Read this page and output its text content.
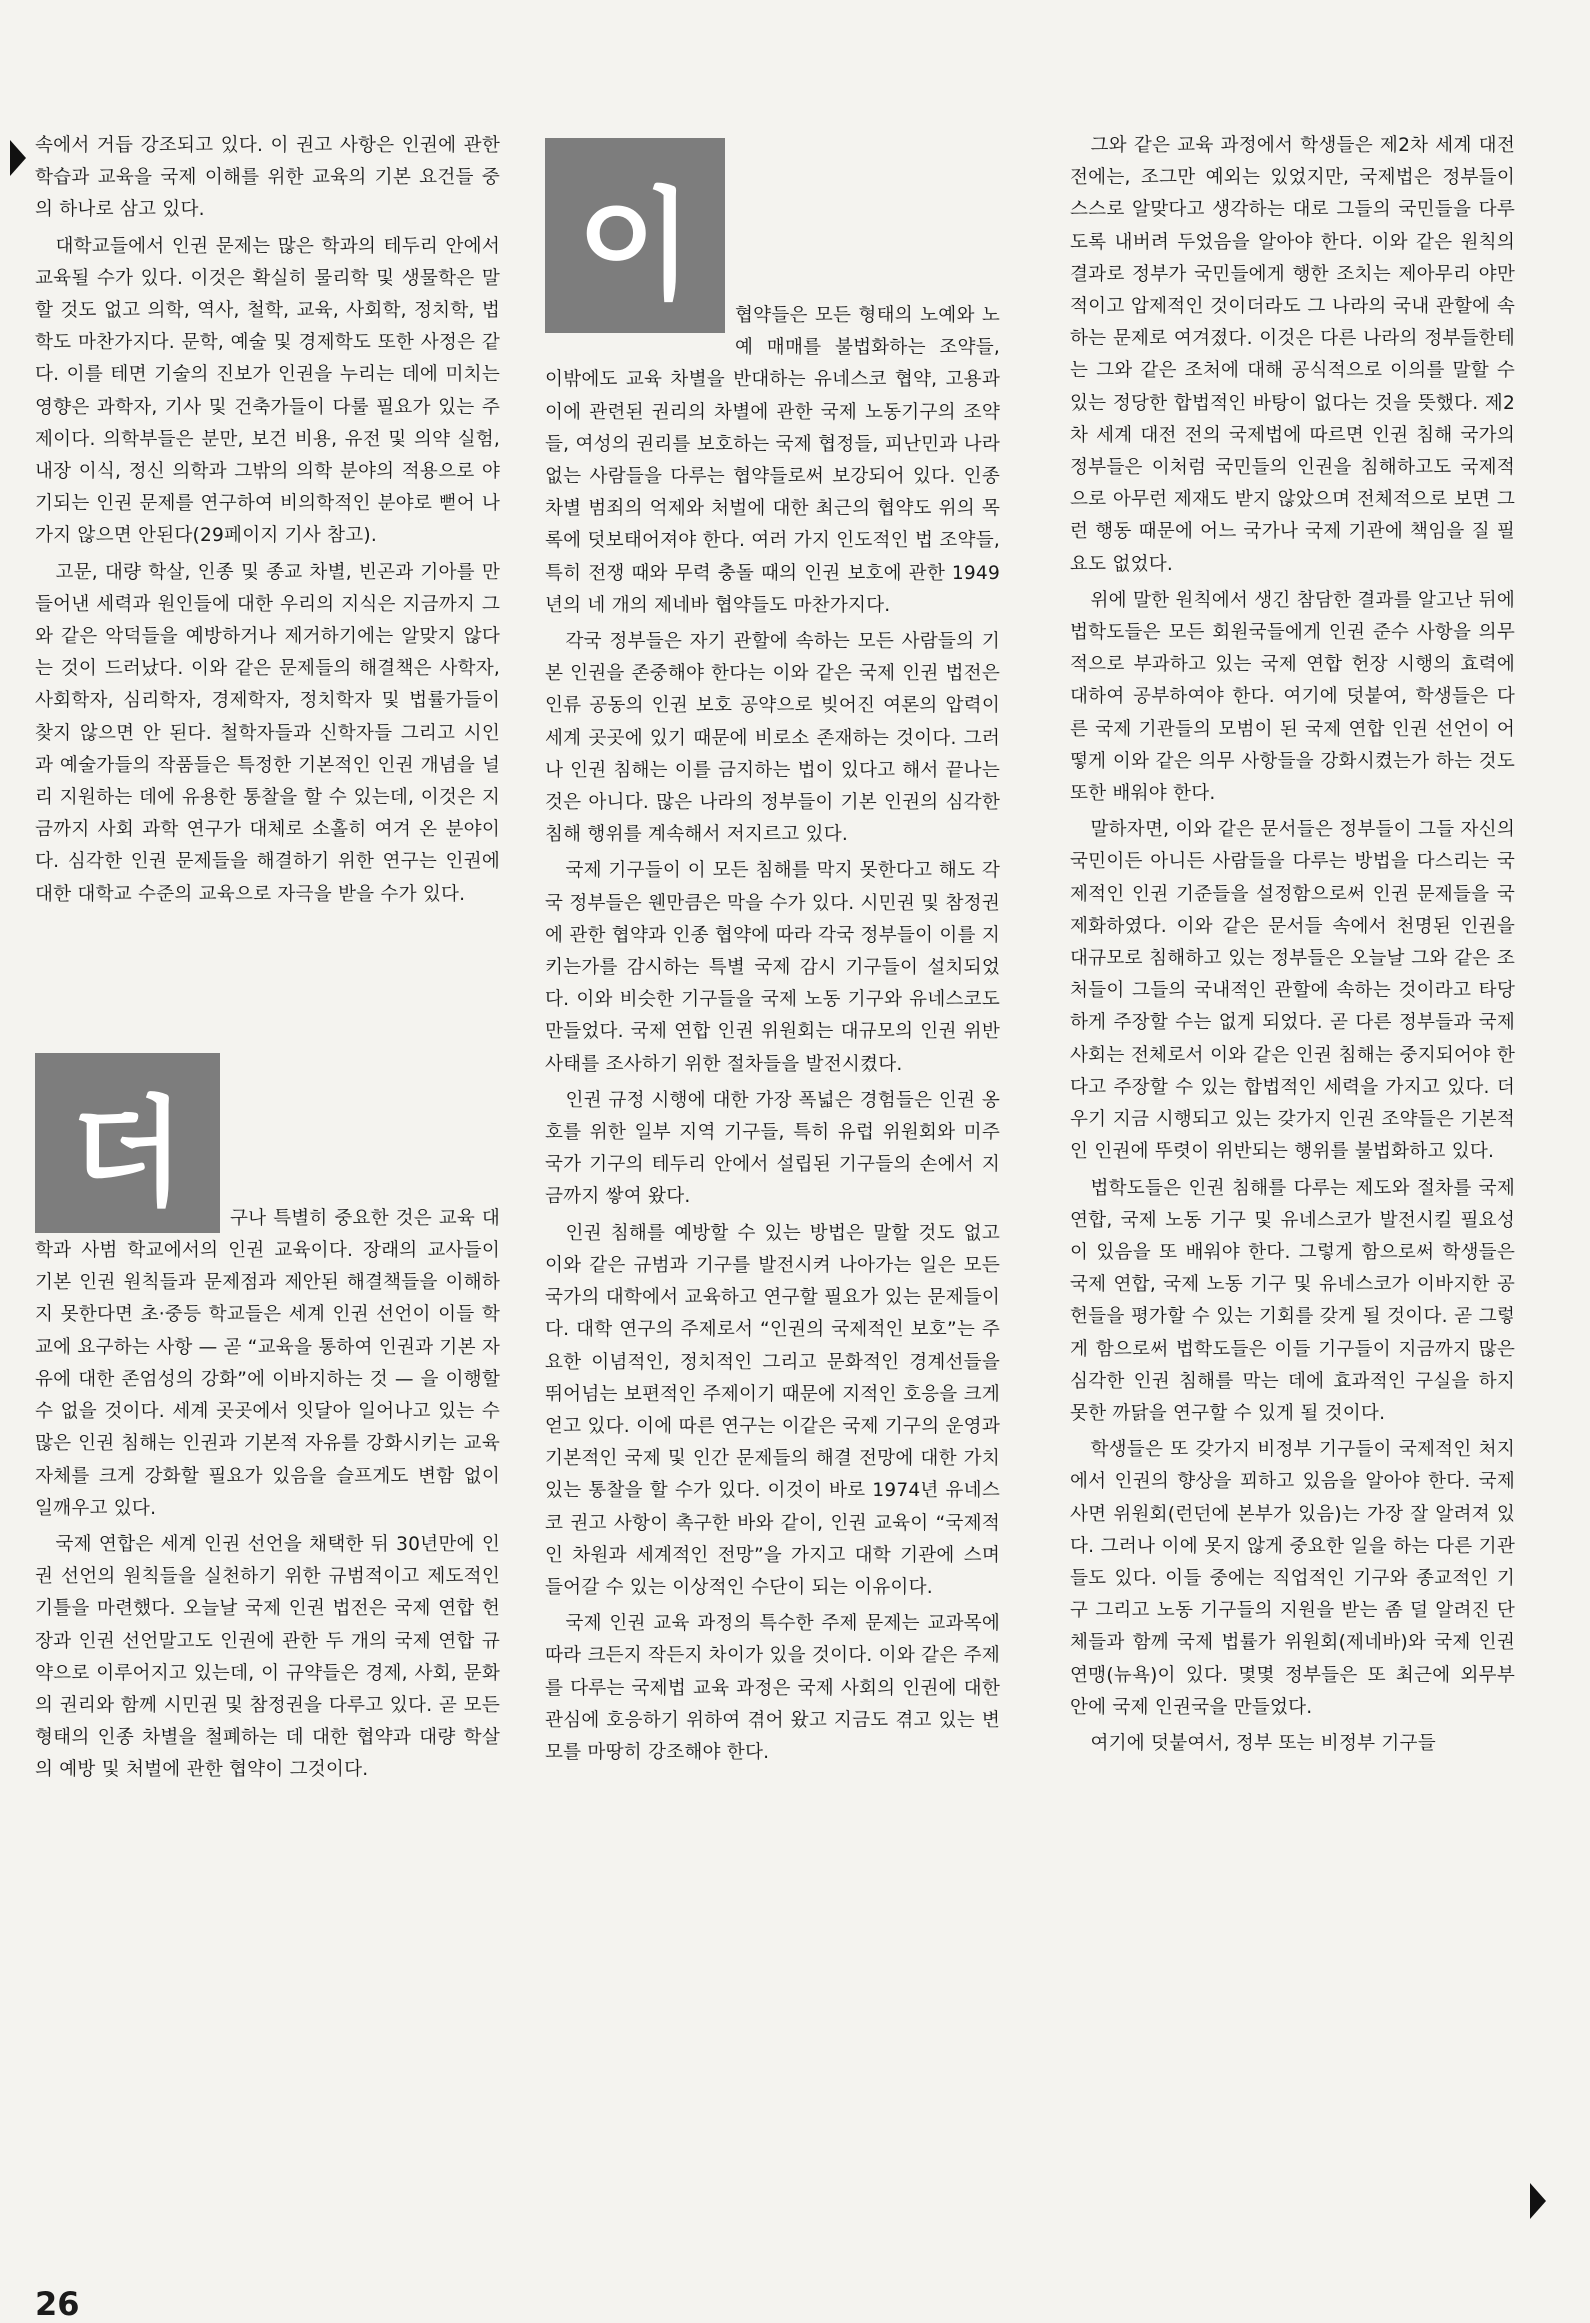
속에서 거듭 강조되고 있다. 이 권고 사항은 인권에 관한 학습과 교육을 국제 이해를 위한 교육의 기본 요건들 중의 하나로 삼고 있다.

대학교들에서 인권 문제는 많은 학과의 테두리 안에서 교육될 수가 있다. 이것은 확실히 물리학 및 생물학은 말할 것도 없고 의학, 역사, 철학, 교육, 사회학, 정치학, 법학도 마찬가지다. 문학, 예술 및 경제학도 또한 사정은 같다. 이를 테면 기술의 진보가 인권을 누리는 데에 미치는 영향은 과학자, 기사 및 건축가들이 다룰 필요가 있는 주제이다. 의학부들은 분만, 보건 비용, 유전 및 의약 실험, 내장 이식, 정신 의학과 그밖의 의학 분야의 적용으로 야기되는 인권 문제를 연구하여 비의학적인 분야로 뻗어 나가지 않으면 안된다(29페이지 기사 참고).

고문, 대량 학살, 인종 및 종교 차별, 빈곤과 기아를 만들어낸 세력과 원인들에 대한 우리의 지식은 지금까지 그와 같은 악덕들을 예방하거나 제거하기에는 알맞지 않다는 것이 드러났다. 이와 같은 문제들의 해결책은 사학자, 사회학자, 심리학자, 경제학자, 정치학자 및 법률가들이 찾지 않으면 안 된다. 철학자들과 신학자들 그리고 시인과 예술가들의 작품들은 특정한 기본적인 인권 개념을 널리 지원하는 데에 유용한 통찰을 할 수 있는데, 이것은 지금까지 사회 과학 연구가 대체로 소홀히 여겨 온 분야이다. 심각한 인권 문제들을 해결하기 위한 연구는 인권에 대한 대학교 수준의 교육으로 자극을 받을 수가 있다.

더	구나 특별히 중요한 것은 교육 대학과 사범 학교에서의 인권 교육이다. 장래의 교사들이 기본 인권 원칙들과 문제점과 제안된 해결책들을 이해하지 못한다면 초·중등 학교들은 세계 인권 선언이 이들 학교에 요구하는 사항 — 곧 “교육을 통하여 인권과 기본 자유에 대한 존엄성의 강화”에 이바지하는 것 — 을 이행할 수 없을 것이다. 세계 곳곳에서 잇달아 일어나고 있는 수많은 인권 침해는 인권과 기본적 자유를 강화시키는 교육 자체를 크게 강화할 필요가 있음을 슬프게도 변함 없이 일깨우고 있다.

국제 연합은 세계 인권 선언을 채택한 뒤 30년만에 인권 선언의 원칙들을 실천하기 위한 규범적이고 제도적인 기틀을 마련했다. 오늘날 국제 인권 법전은 국제 연합 헌장과 인권 선언말고도 인권에 관한 두 개의 국제 연합 규약으로 이루어지고 있는데, 이 규약들은 경제, 사회, 문화의 권리와 함께 시민권 및 참정권을 다루고 있다. 곧 모든 형태의 인종 차별을 철폐하는 데 대한 협약과 대량 학살의 예방 및 처벌에 관한 협약이 그것이다.

이	협약들은 모든 형태의 노예와 노예 매매를 불법화하는 조약들, 이밖에도 교육 차별을 반대하는 유네스코 협약, 고용과 이에 관련된 권리의 차별에 관한 국제 노동기구의 조약들, 여성의 권리를 보호하는 국제 협정들, 피난민과 나라 없는 사람들을 다루는 협약들로써 보강되어 있다. 인종 차별 범죄의 억제와 처벌에 대한 최근의 협약도 위의 목록에 덧보태어져야 한다. 여러 가지 인도적인 법 조약들, 특히 전쟁 때와 무력 충돌 때의 인권 보호에 관한 1949년의 네 개의 제네바 협약들도 마찬가지다.

각국 정부들은 자기 관할에 속하는 모든 사람들의 기본 인권을 존중해야 한다는 이와 같은 국제 인권 법전은 인류 공동의 인권 보호 공약으로 빚어진 여론의 압력이 세계 곳곳에 있기 때문에 비로소 존재하는 것이다. 그러나 인권 침해는 이를 금지하는 법이 있다고 해서 끝나는 것은 아니다. 많은 나라의 정부들이 기본 인권의 심각한 침해 행위를 계속해서 저지르고 있다.

국제 기구들이 이 모든 침해를 막지 못한다고 해도 각국 정부들은 웬만큼은 막을 수가 있다. 시민권 및 참정권에 관한 협약과 인종 협약에 따라 각국 정부들이 이를 지키는가를 감시하는 특별 국제 감시 기구들이 설치되었다. 이와 비슷한 기구들을 국제 노동 기구와 유네스코도 만들었다. 국제 연합 인권 위원회는 대규모의 인권 위반 사태를 조사하기 위한 절차들을 발전시켰다.

인권 규정 시행에 대한 가장 폭넓은 경험들은 인권 옹호를 위한 일부 지역 기구들, 특히 유럽 위원회와 미주 국가 기구의 테두리 안에서 설립된 기구들의 손에서 지금까지 쌓여 왔다.

인권 침해를 예방할 수 있는 방법은 말할 것도 없고 이와 같은 규범과 기구를 발전시켜 나아가는 일은 모든 국가의 대학에서 교육하고 연구할 필요가 있는 문제들이다. 대학 연구의 주제로서 “인권의 국제적인 보호”는 주요한 이념적인, 정치적인 그리고 문화적인 경계선들을 뛰어넘는 보편적인 주제이기 때문에 지적인 호응을 크게 얻고 있다. 이에 따른 연구는 이같은 국제 기구의 운영과 기본적인 국제 및 인간 문제들의 해결 전망에 대한 가치 있는 통찰을 할 수가 있다. 이것이 바로 1974년 유네스코 권고 사항이 촉구한 바와 같이, 인권 교육이 “국제적인 차원과 세계적인 전망”을 가지고 대학 기관에 스며 들어갈 수 있는 이상적인 수단이 되는 이유이다.

국제 인권 교육 과정의 특수한 주제 문제는 교과목에 따라 크든지 작든지 차이가 있을 것이다. 이와 같은 주제를 다루는 국제법 교육 과정은 국제 사회의 인권에 대한 관심에 호응하기 위하여 겪어 왔고 지금도 겪고 있는 변모를 마땅히 강조해야 한다.

그와 같은 교육 과정에서 학생들은 제2차 세계 대전 전에는, 조그만 예외는 있었지만, 국제법은 정부들이 스스로 알맞다고 생각하는 대로 그들의 국민들을 다루도록 내버려 두었음을 알아야 한다. 이와 같은 원칙의 결과로 정부가 국민들에게 행한 조치는 제아무리 야만적이고 압제적인 것이더라도 그 나라의 국내 관할에 속하는 문제로 여겨졌다. 이것은 다른 나라의 정부들한테는 그와 같은 조처에 대해 공식적으로 이의를 말할 수 있는 정당한 합법적인 바탕이 없다는 것을 뜻했다. 제2차 세계 대전 전의 국제법에 따르면 인권 침해 국가의 정부들은 이처럼 국민들의 인권을 침해하고도 국제적으로 아무런 제재도 받지 않았으며 전체적으로 보면 그런 행동 때문에 어느 국가나 국제 기관에 책임을 질 필요도 없었다.

위에 말한 원칙에서 생긴 참담한 결과를 알고난 뒤에 법학도들은 모든 회원국들에게 인권 준수 사항을 의무적으로 부과하고 있는 국제 연합 헌장 시행의 효력에 대하여 공부하여야 한다. 여기에 덧붙여, 학생들은 다른 국제 기관들의 모범이 된 국제 연합 인권 선언이 어떻게 이와 같은 의무 사항들을 강화시켰는가 하는 것도 또한 배워야 한다.

말하자면, 이와 같은 문서들은 정부들이 그들 자신의 국민이든 아니든 사람들을 다루는 방법을 다스리는 국제적인 인권 기준들을 설정함으로써 인권 문제들을 국제화하였다. 이와 같은 문서들 속에서 천명된 인권을 대규모로 침해하고 있는 정부들은 오늘날 그와 같은 조처들이 그들의 국내적인 관할에 속하는 것이라고 타당하게 주장할 수는 없게 되었다. 곧 다른 정부들과 국제 사회는 전체로서 이와 같은 인권 침해는 중지되어야 한다고 주장할 수 있는 합법적인 세력을 가지고 있다. 더우기 지금 시행되고 있는 갖가지 인권 조약들은 기본적인 인권에 뚜렷이 위반되는 행위를 불법화하고 있다.

법학도들은 인권 침해를 다루는 제도와 절차를 국제 연합, 국제 노동 기구 및 유네스코가 발전시킬 필요성이 있음을 또 배워야 한다. 그렇게 함으로써 학생들은 국제 연합, 국제 노동 기구 및 유네스코가 이바지한 공헌들을 평가할 수 있는 기회를 갖게 될 것이다. 곧 그렇게 함으로써 법학도들은 이들 기구들이 지금까지 많은 심각한 인권 침해를 막는 데에 효과적인 구실을 하지 못한 까닭을 연구할 수 있게 될 것이다.

학생들은 또 갖가지 비정부 기구들이 국제적인 처지에서 인권의 향상을 꾀하고 있음을 알아야 한다. 국제 사면 위원회(런던에 본부가 있음)는 가장 잘 알려져 있다. 그러나 이에 못지 않게 중요한 일을 하는 다른 기관들도 있다. 이들 중에는 직업적인 기구와 종교적인 기구 그리고 노동 기구들의 지원을 받는 좀 덜 알려진 단체들과 함께 국제 법률가 위원회(제네바)와 국제 인권 연맹(뉴욕)이 있다. 몇몇 정부들은 또 최근에 외무부 안에 국제 인권국을 만들었다.

여기에 덧붙여서, 정부 또는 비정부 기구들

26
